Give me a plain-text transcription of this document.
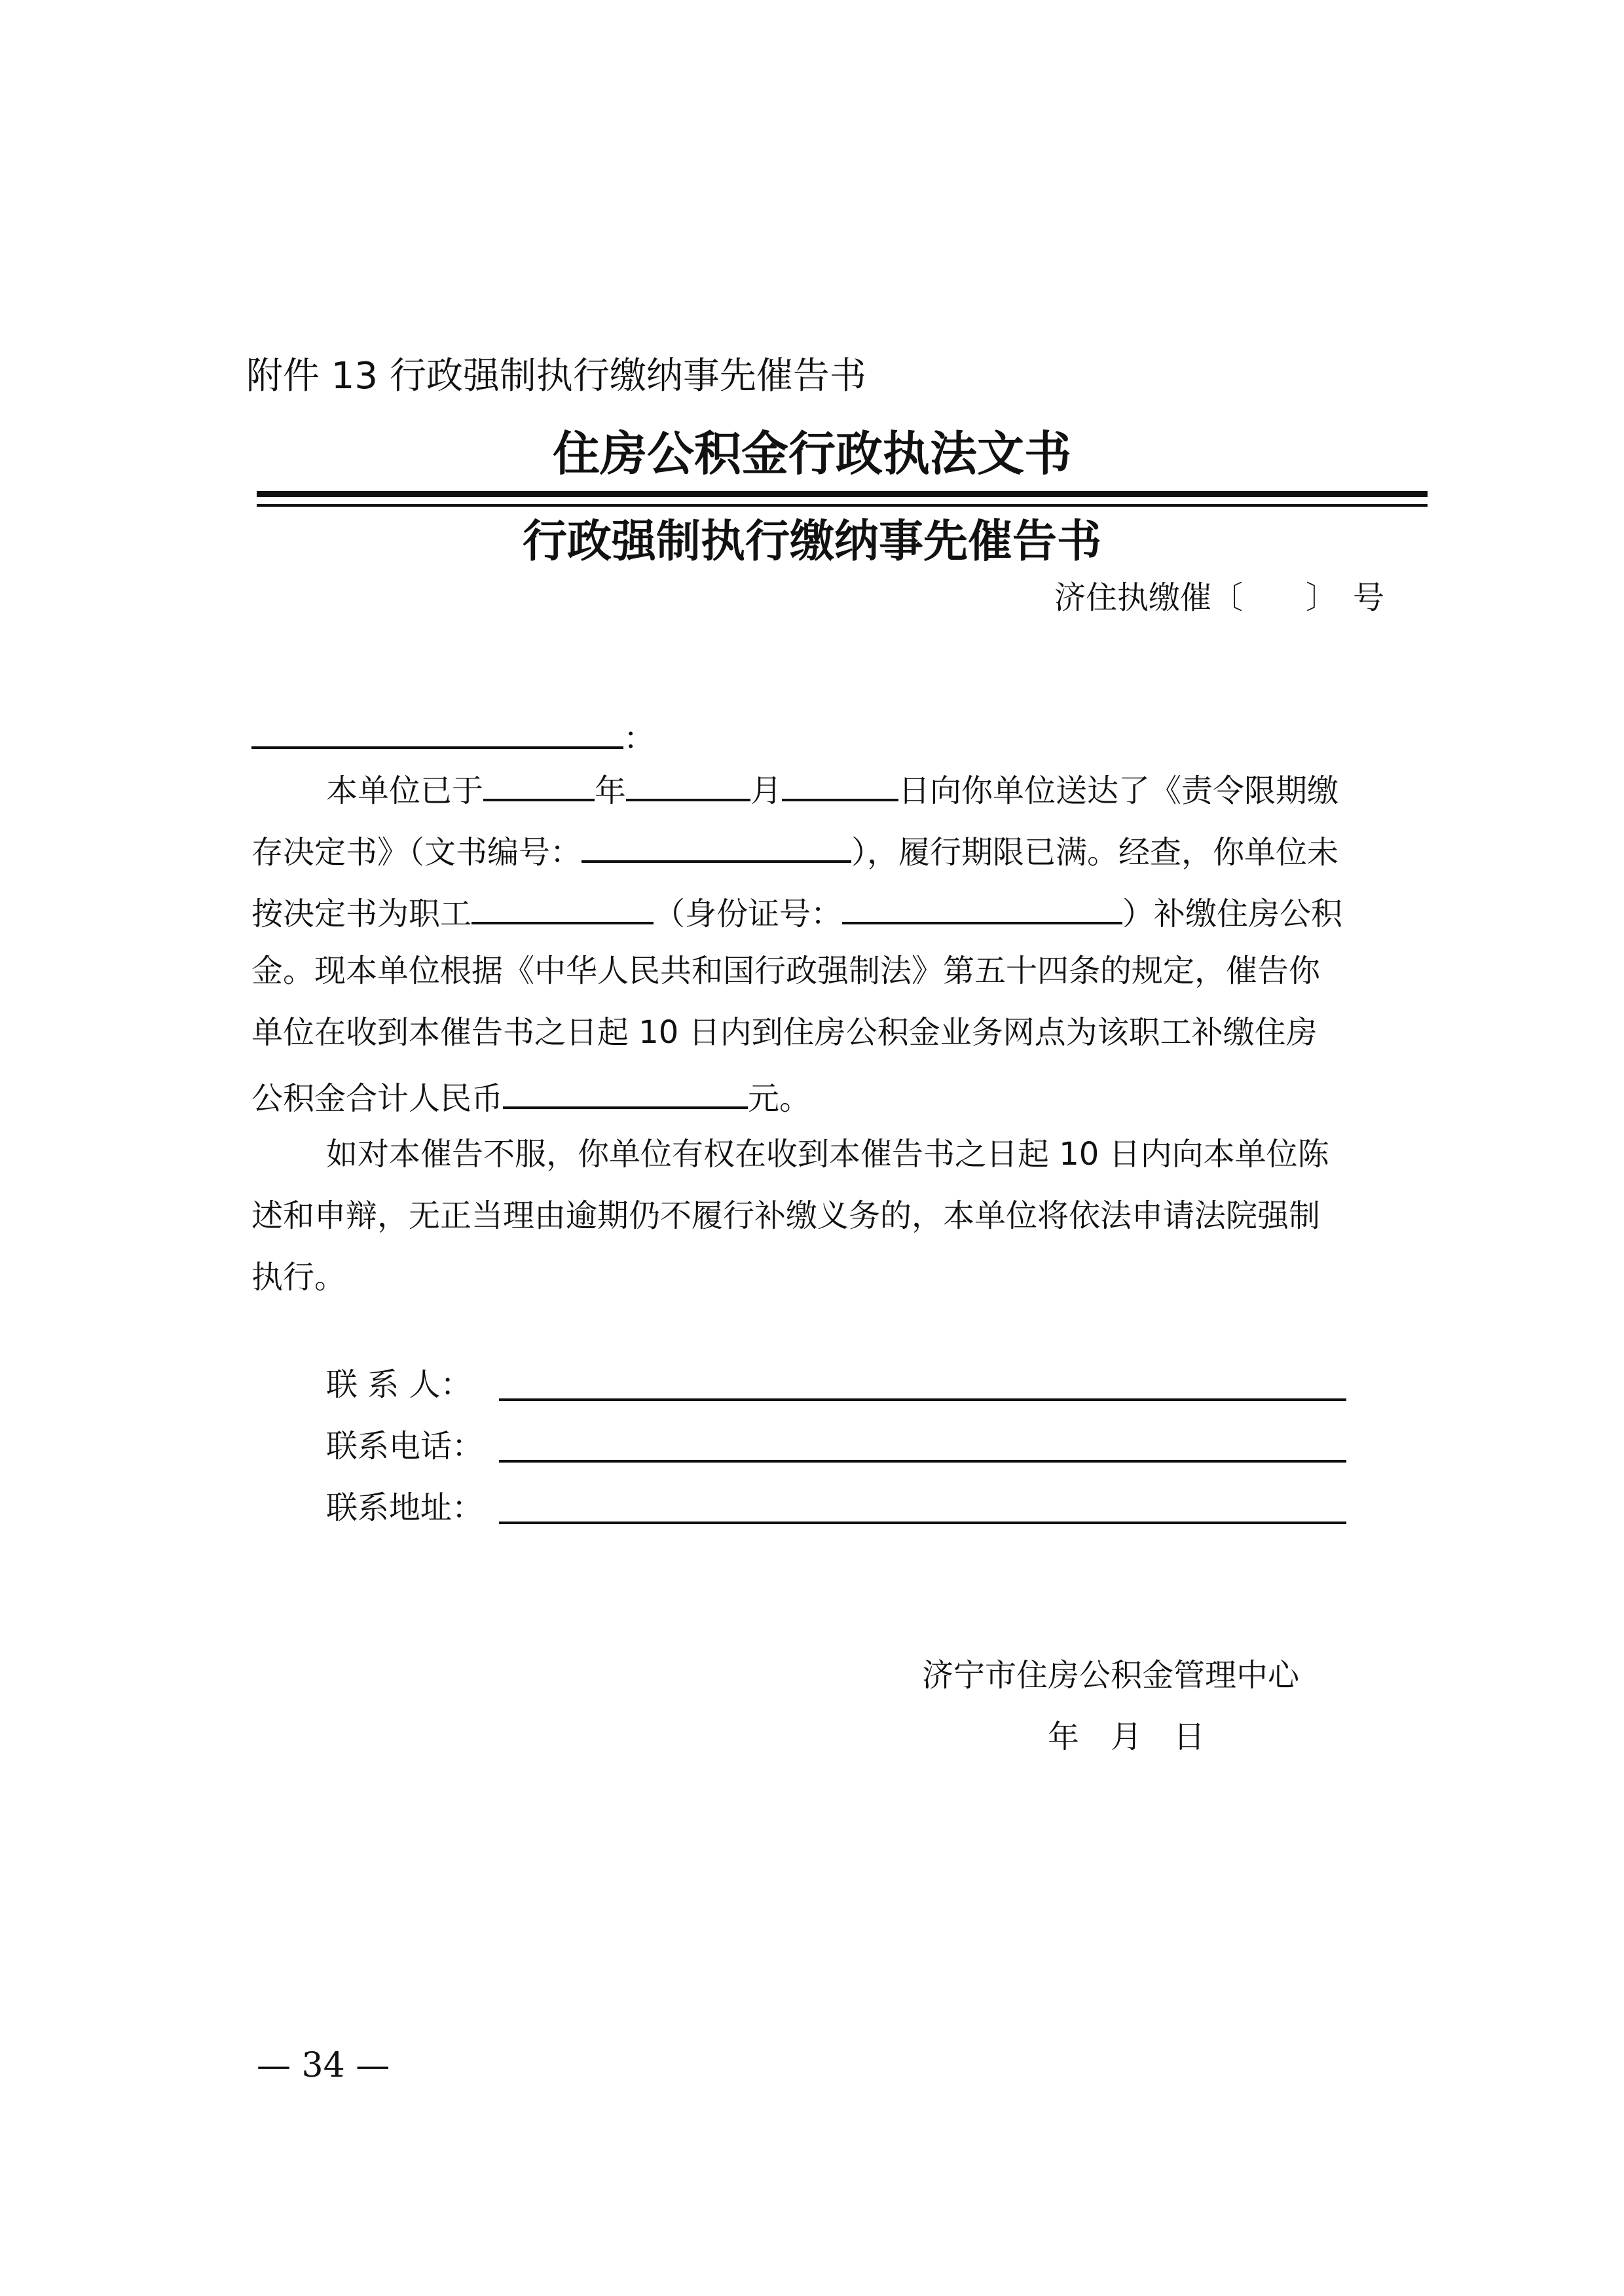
附件 13 行政强制执行缴纳事先催告书
住房公积金行政执法文书
行政强制执行缴纳事先催告书
济住执缴催〔　　〕　号
：
本单位已于	年	月	日向你单位送达了《责令限期缴
存决定书》（文书编号：	），履行期限已满。经查，你单位未
按决定书为职工	（身份证号：	）补缴住房公积
金。现本单位根据《中华人民共和国行政强制法》第五十四条的规定，催告你
单位在收到本催告书之日起 10 日内到住房公积金业务网点为该职工补缴住房
公积金合计人民币	元。
如对本催告不服，你单位有权在收到本催告书之日起 10 日内向本单位陈
述和申辩，无正当理由逾期仍不履行补缴义务的，本单位将依法申请法院强制
执行。
联 系 人：
联系电话：
联系地址：
济宁市住房公积金管理中心
年　月　日
— 34 —
